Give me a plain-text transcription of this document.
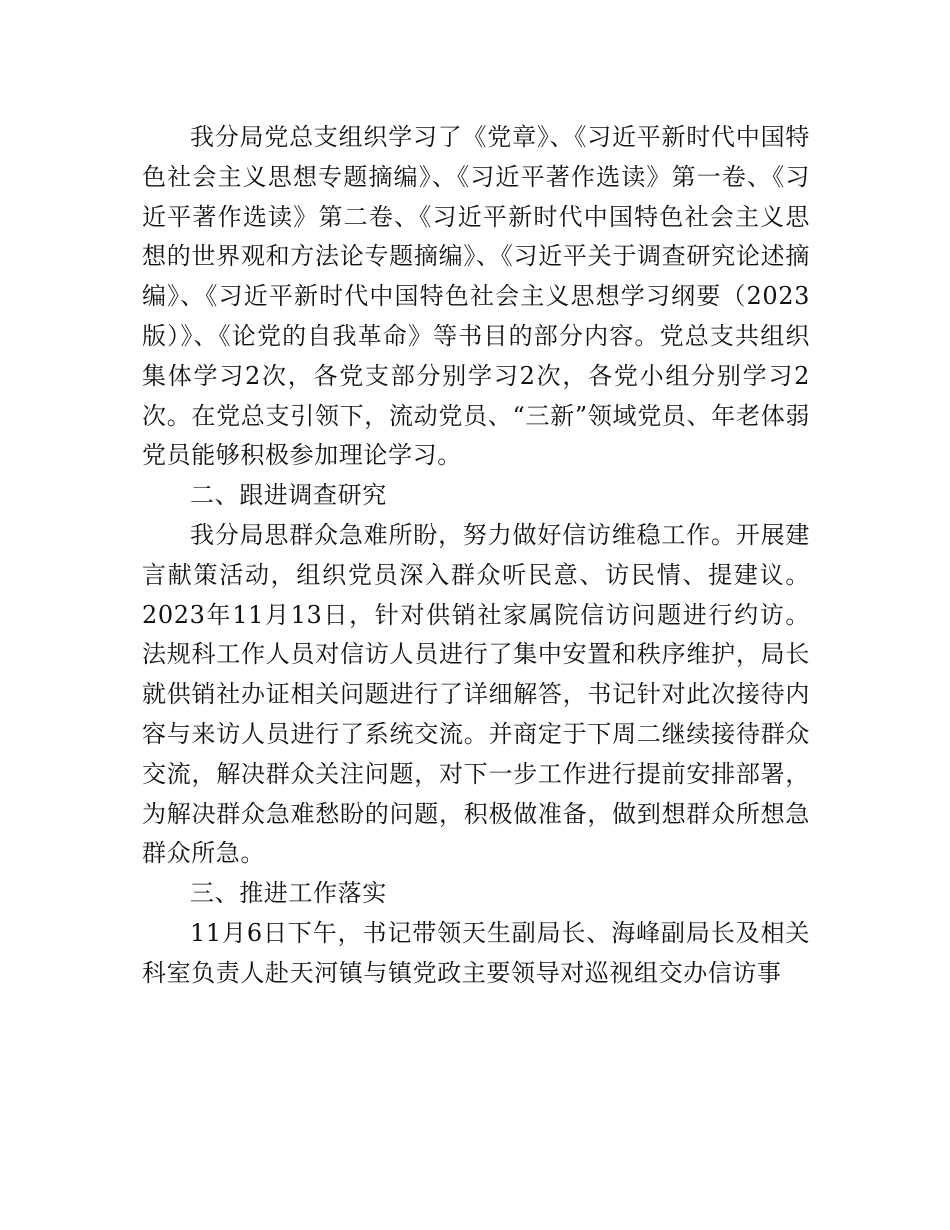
我分局党总支组织学习了《党章》、《习近平新时代中国特色社会主义思想专题摘编》、《习近平著作选读》第一卷、《习近平著作选读》第二卷、《习近平新时代中国特色社会主义思想的世界观和方法论专题摘编》、《习近平关于调查研究论述摘编》、《习近平新时代中国特色社会主义思想学习纲要（2023版）》、《论党的自我革命》等书目的部分内容。党总支共组织集体学习2次，各党支部分别学习2次，各党小组分别学习2次。在党总支引领下，流动党员、“三新”领域党员、年老体弱党员能够积极参加理论学习。

二、跟进调查研究

我分局思群众急难所盼，努力做好信访维稳工作。开展建言献策活动，组织党员深入群众听民意、访民情、提建议。2023年11月13日，针对供销社家属院信访问题进行约访。法规科工作人员对信访人员进行了集中安置和秩序维护，局长就供销社办证相关问题进行了详细解答，书记针对此次接待内容与来访人员进行了系统交流。并商定于下周二继续接待群众交流，解决群众关注问题，对下一步工作进行提前安排部署，为解决群众急难愁盼的问题，积极做准备，做到想群众所想急群众所急。

三、推进工作落实

11月6日下午，书记带领天生副局长、海峰副局长及相关科室负责人赴天河镇与镇党政主要领导对巡视组交办信访事
